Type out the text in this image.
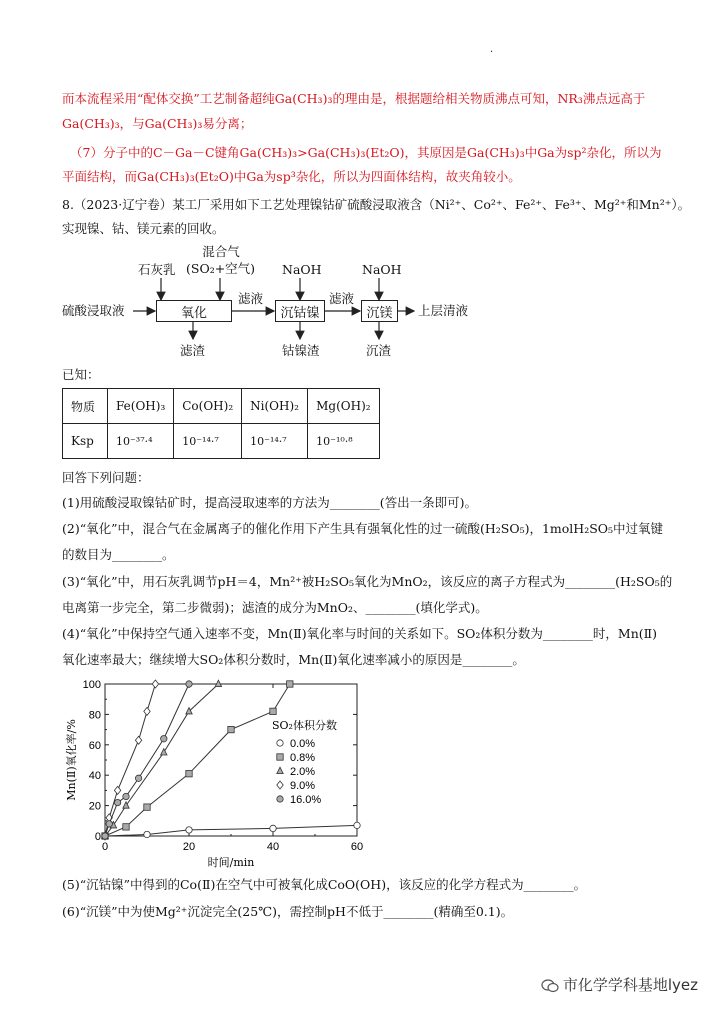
.
而本流程采用“配体交换”工艺制备超纯Ga(CH₃)₃的理由是，根据题给相关物质沸点可知，NR₃沸点远高于
Ga(CH₃)₃，与Ga(CH₃)₃易分离；
（7）分子中的C－Ga－C键角Ga(CH₃)₃>Ga(CH₃)₃(Et₂O)，其原因是Ga(CH₃)₃中Ga为sp²杂化，所以为
平面结构，而Ga(CH₃)₃(Et₂O)中Ga为sp³杂化，所以为四面体结构，故夹角较小。
8.（2023·辽宁卷）某工厂采用如下工艺处理镍钴矿硫酸浸取液含（Ni²⁺、Co²⁺、Fe²⁺、Fe³⁺、Mg²⁺和Mn²⁺）。
实现镍、钴、镁元素的回收。
硫酸浸取液	氧化	沉钴镍	沉镁	上层清液
石灰乳
混合气
(SO₂+空气) NaOH	NaOH
滤液	滤液
滤渣	钴镍渣	沉渣
已知：
物质	Fe(OH)₃	Co(OH)₂	Ni(OH)₂	Mg(OH)₂
Ksp	10⁻³⁷·⁴	10⁻¹⁴·⁷	10⁻¹⁴·⁷	10⁻¹⁰·⁸
回答下列问题：
(1)用硫酸浸取镍钴矿时，提高浸取速率的方法为________(答出一条即可)。
(2)“氧化”中，混合气在金属离子的催化作用下产生具有强氧化性的过一硫酸(H₂SO₅)，1molH₂SO₅中过氧键
的数目为________。
(3)“氧化”中，用石灰乳调节pH＝4，Mn²⁺被H₂SO₅氧化为MnO₂，该反应的离子方程式为________(H₂SO₅的
电离第一步完全，第二步微弱)；滤渣的成分为MnO₂、________(填化学式)。
(4)“氧化”中保持空气通入速率不变，Mn(Ⅱ)氧化率与时间的关系如下。SO₂体积分数为________时，Mn(Ⅱ)
氧化速率最大；继续增大SO₂体积分数时，Mn(Ⅱ)氧化速率减小的原因是________。
0
20
40
60
80
100
0	20	40	60
时间/min
Mn(Ⅱ)氧化率/%	SO₂体积分数
0.0%
0.8%
2.0%
9.0%
16.0%
(5)“沉钴镍”中得到的Co(Ⅱ)在空气中可被氧化成CoO(OH)，该反应的化学方程式为________。
(6)“沉镁”中为使Mg²⁺沉淀完全(25℃)，需控制pH不低于________(精确至0.1)。
市化学学科基地lyez
